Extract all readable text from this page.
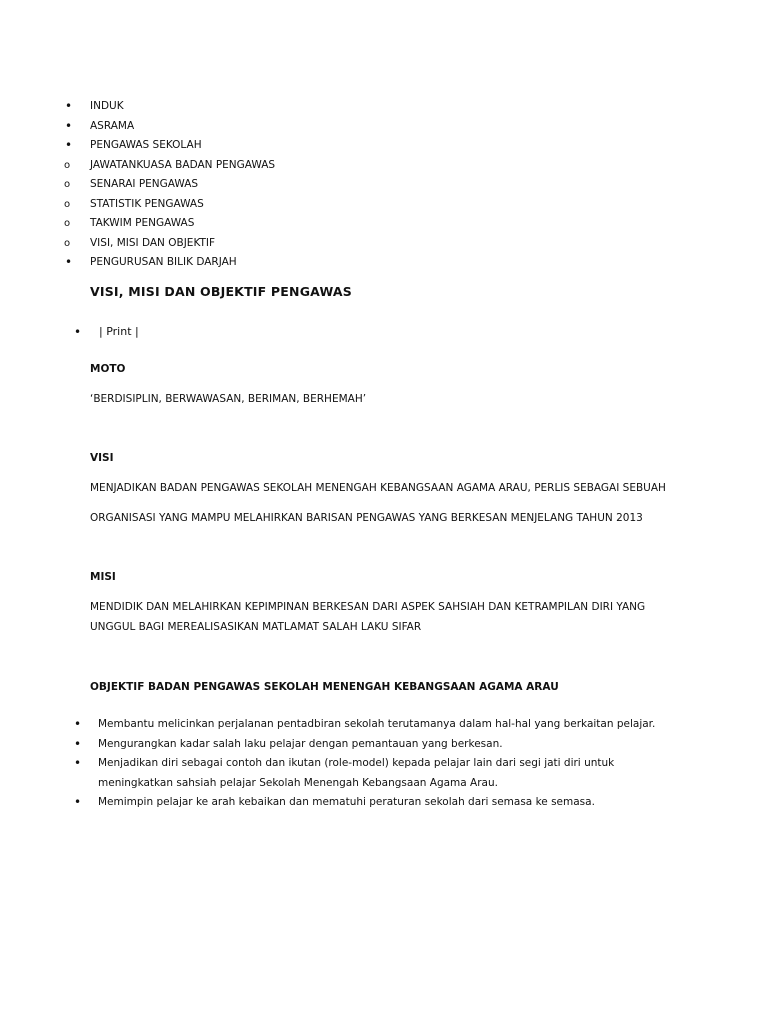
•	INDUK
•	ASRAMA
•	PENGAWAS SEKOLAH
o	JAWATANKUASA BADAN PENGAWAS
o	SENARAI PENGAWAS
o	STATISTIK PENGAWAS
o	TAKWIM PENGAWAS
o	VISI, MISI DAN OBJEKTIF
•	PENGURUSAN BILIK DARJAH
VISI, MISI DAN OBJEKTIF PENGAWAS
• | Print |
MOTO

‘BERDISIPLIN, BERWAWASAN, BERIMAN, BERHEMAH’

VISI

MENJADIKAN BADAN PENGAWAS SEKOLAH MENENGAH KEBANGSAAN AGAMA ARAU, PERLIS SEBAGAI SEBUAH

ORGANISASI YANG MAMPU MELAHIRKAN BARISAN PENGAWAS YANG BERKESAN MENJELANG TAHUN 2013

MISI

MENDIDIK DAN MELAHIRKAN KEPIMPINAN BERKESAN DARI ASPEK SAHSIAH DAN KETRAMPILAN DIRI YANG

UNGGUL BAGI MEREALISASIKAN MATLAMAT SALAH LAKU SIFAR

OBJEKTIF BADAN PENGAWAS SEKOLAH MENENGAH KEBANGSAAN AGAMA ARAU
• Membantu melicinkan perjalanan pentadbiran sekolah terutamanya dalam hal-hal yang berkaitan pelajar.
• Mengurangkan kadar salah laku pelajar dengan pemantauan yang berkesan.
• Menjadikan diri sebagai contoh dan ikutan (role-model) kepada pelajar lain dari segi jati diri untuk meningkatkan sahsiah pelajar Sekolah Menengah Kebangsaan Agama Arau.
• Memimpin pelajar ke arah kebaikan dan mematuhi peraturan sekolah dari semasa ke semasa.
